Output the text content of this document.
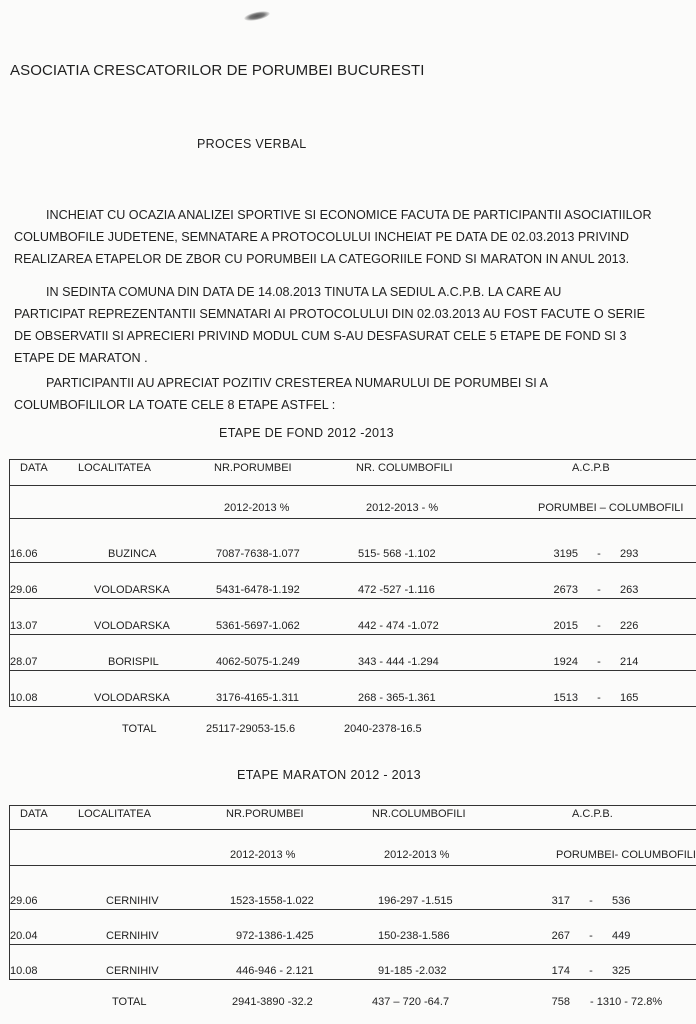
ASOCIATIA CRESCATORILOR DE PORUMBEI BUCURESTI
PROCES VERBAL
INCHEIAT CU OCAZIA ANALIZEI SPORTIVE SI ECONOMICE FACUTA DE PARTICIPANTII ASOCIATIILOR
COLUMBOFILE JUDETENE, SEMNATARE A PROTOCOLULUI INCHEIAT PE DATA DE 02.03.2013 PRIVIND
REALIZAREA ETAPELOR DE ZBOR CU PORUMBEII LA CATEGORIILE FOND SI MARATON IN ANUL 2013.
IN SEDINTA COMUNA DIN DATA DE 14.08.2013 TINUTA LA SEDIUL A.C.P.B. LA CARE AU
PARTICIPAT REPREZENTANTII SEMNATARI AI PROTOCOLULUI DIN 02.03.2013 AU FOST FACUTE O SERIE
DE OBSERVATII SI APRECIERI PRIVIND MODUL CUM S-AU DESFASURAT CELE 5 ETAPE DE FOND SI 3
ETAPE DE MARATON .
PARTICIPANTII AU APRECIAT POZITIV CRESTEREA NUMARULUI DE PORUMBEI SI A
COLUMBOFILILOR LA TOATE CELE 8 ETAPE ASTFEL :
ETAPE DE FOND 2012 -2013
DATA	LOCALITATEA	NR.PORUMBEI	NR. COLUMBOFILI	A.C.P.B
		2012-2013 %	2012-2013 - %	PORUMBEI – COLUMBOFILI
16.06	BUZINCA	7087-7638-1.077	515- 568 -1.102	3195 - 293
29.06	VOLODARSKA	5431-6478-1.192	472 -527 -1.116	2673 - 263
13.07	VOLODARSKA	5361-5697-1.062	442 - 474 -1.072	2015 - 226
28.07	BORISPIL	4062-5075-1.249	343 - 444 -1.294	1924 - 214
10.08	VOLODARSKA	3176-4165-1.311	268 - 365-1.361	1513 - 165
	TOTAL	25117-29053-15.6	2040-2378-16.5	
ETAPE MARATON 2012 - 2013
DATA	LOCALITATEA	NR.PORUMBEI	NR.COLUMBOFILI	A.C.P.B.
		2012-2013 %	2012-2013 %	PORUMBEI- COLUMBOFILI
29.06	CERNIHIV	1523-1558-1.022	196-297 -1.515	317 - 536
20.04	CERNIHIV	972-1386-1.425	150-238-1.586	267 - 449
10.08	CERNIHIV	446-946 - 2.121	91-185 -2.032	174 - 325
	TOTAL	2941-3890 -32.2	437 – 720 -64.7	758 - 1310 - 72.8%
